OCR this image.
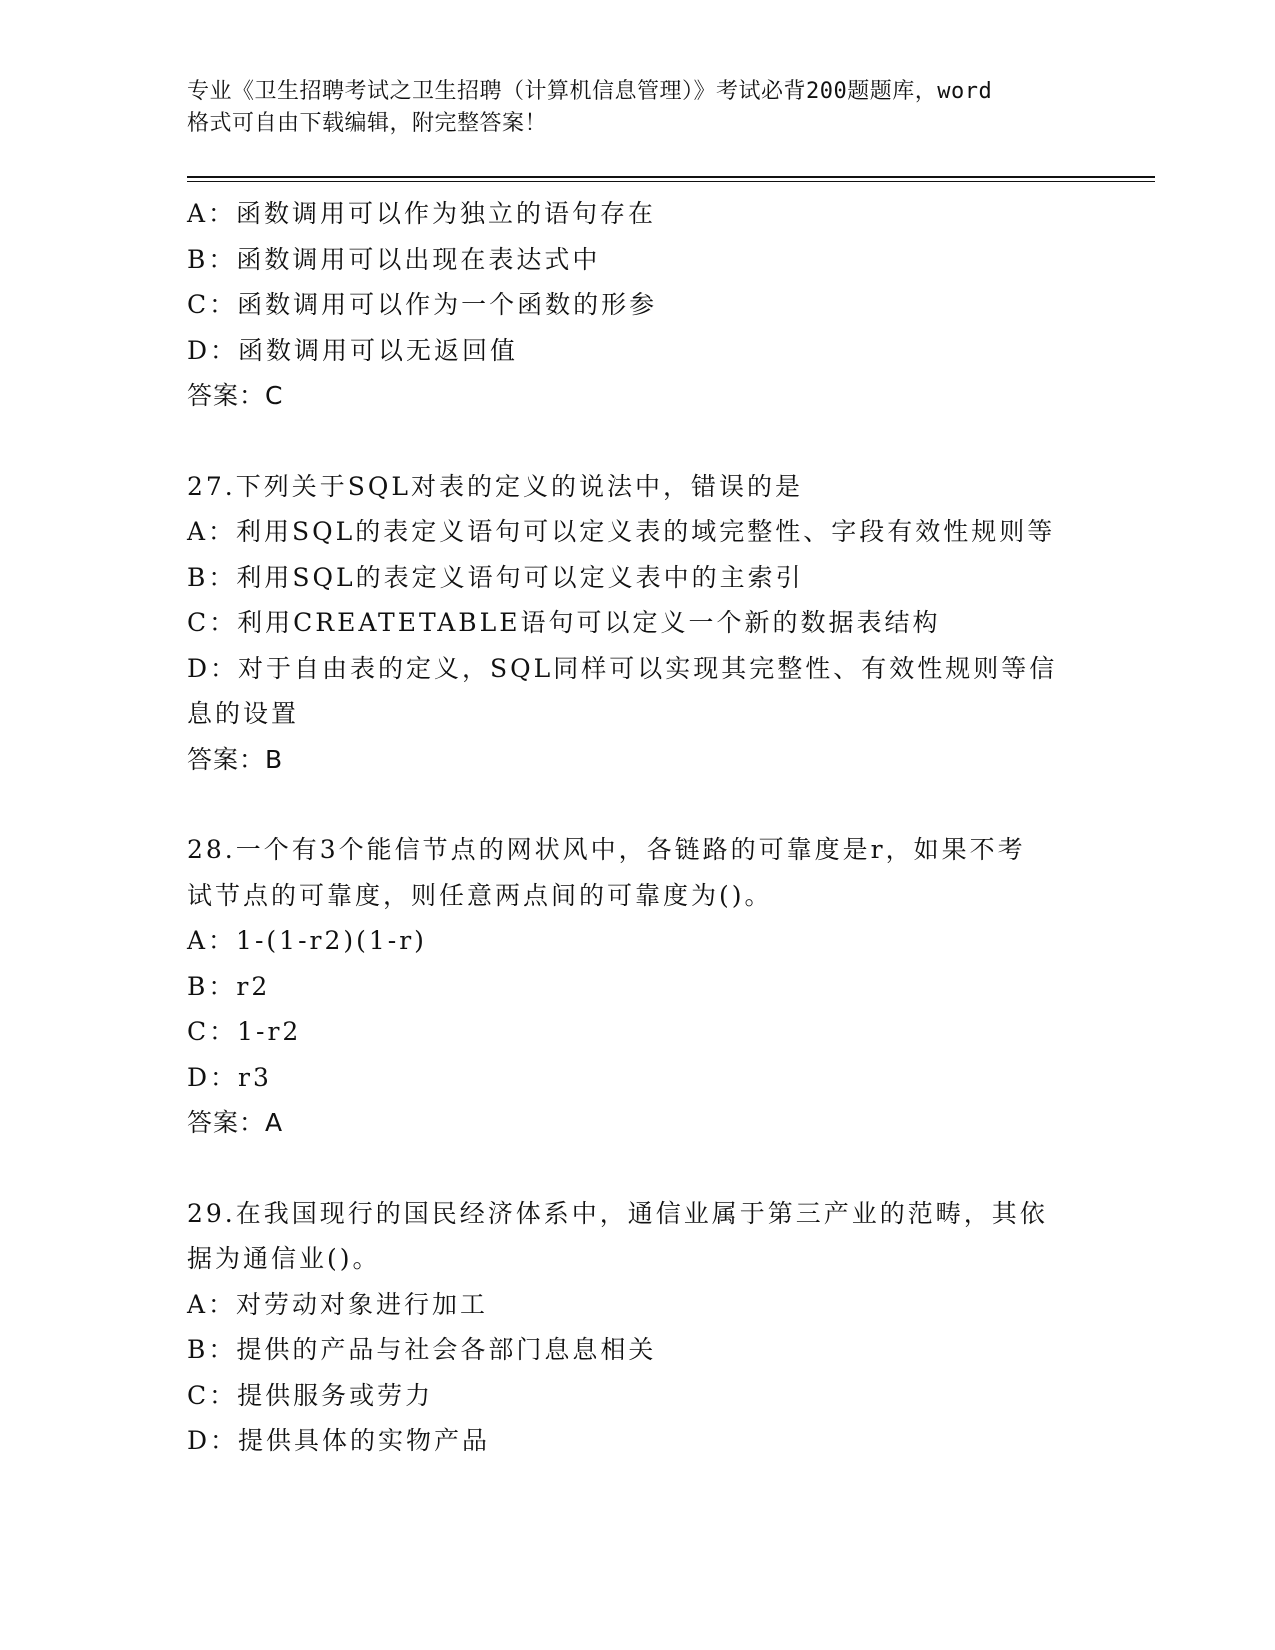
专业《卫生招聘考试之卫生招聘（计算机信息管理）》考试必背200题题库，word
格式可自由下载编辑，附完整答案！
A：函数调用可以作为独立的语句存在
B：函数调用可以出现在表达式中
C：函数调用可以作为一个函数的形参
D：函数调用可以无返回值
答案：C
27.下列关于SQL对表的定义的说法中，错误的是
A：利用SQL的表定义语句可以定义表的域完整性、字段有效性规则等
B：利用SQL的表定义语句可以定义表中的主索引
C：利用CREATETABLE语句可以定义一个新的数据表结构
D：对于自由表的定义，SQL同样可以实现其完整性、有效性规则等信
息的设置
答案：B
28.一个有3个能信节点的网状风中，各链路的可靠度是r，如果不考
试节点的可靠度，则任意两点间的可靠度为()。
A：1-(1-r2)(1-r)
B：r2
C：1-r2
D：r3
答案：A
29.在我国现行的国民经济体系中，通信业属于第三产业的范畴，其依
据为通信业()。
A：对劳动对象进行加工
B：提供的产品与社会各部门息息相关
C：提供服务或劳力
D：提供具体的实物产品
